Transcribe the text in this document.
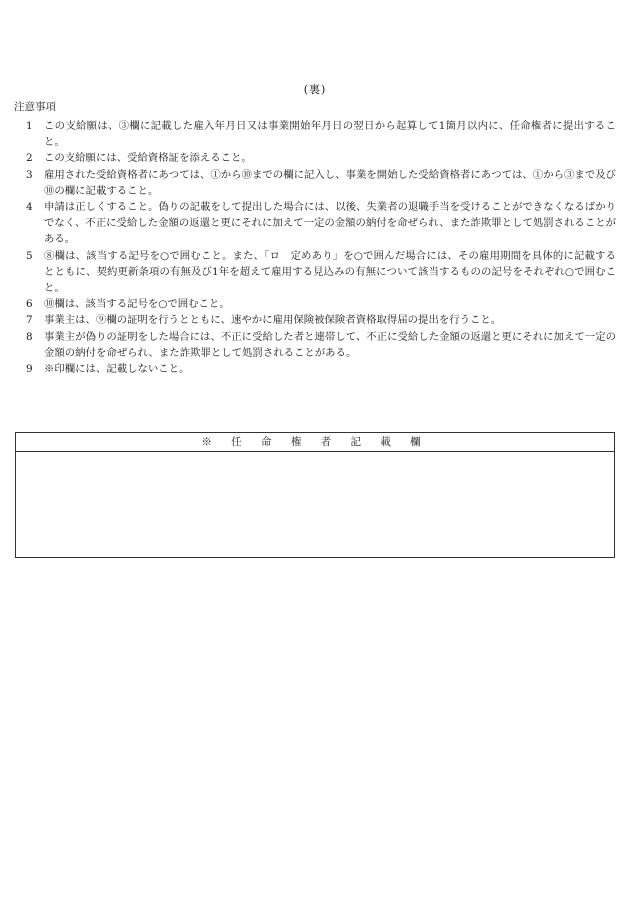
(裏)
注意事項
1	この支給願は、③欄に記載した雇入年月日又は事業開始年月日の翌日から起算して1箇月以内に、任命権者に提出すること。
2	この支給願には、受給資格証を添えること。
3	雇用された受給資格者にあつては、①から⑩までの欄に記入し、事業を開始した受給資格者にあつては、①から③まで及び⑩の欄に記載すること。
4	申請は正しくすること。偽りの記載をして提出した場合には、以後、失業者の退職手当を受けることができなくなるばかりでなく、不正に受給した金額の返還と更にそれに加えて一定の金額の納付を命ぜられ、また詐欺罪として処罰されることがある。
5	⑧欄は、該当する記号を○で囲むこと。また、「ロ　定めあり」を○で囲んだ場合には、その雇用期間を具体的に記載するとともに、契約更新条項の有無及び1年を超えて雇用する見込みの有無について該当するものの記号をそれぞれ○で囲むこと。
6	⑩欄は、該当する記号を○で囲むこと。
7	事業主は、⑨欄の証明を行うとともに、速やかに雇用保険被保険者資格取得届の提出を行うこと。
8	事業主が偽りの証明をした場合には、不正に受給した者と連帯して、不正に受給した金額の返還と更にそれに加えて一定の金額の納付を命ぜられ、また詐欺罪として処罰されることがある。
9	※印欄には、記載しないこと。
※ 任 命 権 者 記 載 欄
